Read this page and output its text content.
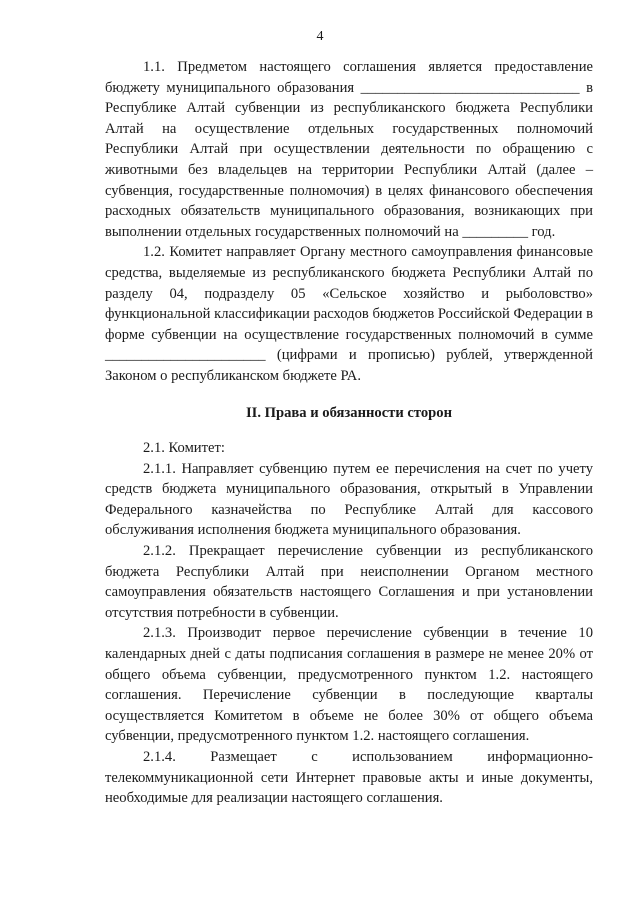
4

1.1. Предметом настоящего соглашения является предоставление бюджету муниципального образования ______________________________ в Республике Алтай субвенции из республиканского бюджета Республики Алтай на осуществление отдельных государственных полномочий Республики Алтай при осуществлении деятельности по обращению с животными без владельцев на территории Республики Алтай (далее – субвенция, государственные полномочия) в целях финансового обеспечения расходных обязательств муниципального образования, возникающих при выполнении отдельных государственных полномочий на _________ год.

1.2. Комитет направляет Органу местного самоуправления финансовые средства, выделяемые из республиканского бюджета Республики Алтай по разделу 04, подразделу 05 «Сельское хозяйство и рыболовство» функциональной классификации расходов бюджетов Российской Федерации в форме субвенции на осуществление государственных полномочий в сумме ______________________ (цифрами и прописью) рублей, утвержденной Законом о республиканском бюджете РА.

II. Права и обязанности сторон

2.1. Комитет:

2.1.1. Направляет субвенцию путем ее перечисления на счет по учету средств бюджета муниципального образования, открытый в Управлении Федерального казначейства по Республике Алтай для кассового обслуживания исполнения бюджета муниципального образования.

2.1.2. Прекращает перечисление субвенции из республиканского бюджета Республики Алтай при неисполнении Органом местного самоуправления обязательств настоящего Соглашения и при установлении отсутствия потребности в субвенции.

2.1.3. Производит первое перечисление субвенции в течение 10 календарных дней с даты подписания соглашения в размере не менее 20% от общего объема субвенции, предусмотренного пунктом 1.2. настоящего соглашения. Перечисление субвенции в последующие кварталы осуществляется Комитетом в объеме не более 30% от общего объема субвенции, предусмотренного пунктом 1.2. настоящего соглашения.

2.1.4. Размещает с использованием информационно-телекоммуникационной сети Интернет правовые акты и иные документы, необходимые для реализации настоящего соглашения.
